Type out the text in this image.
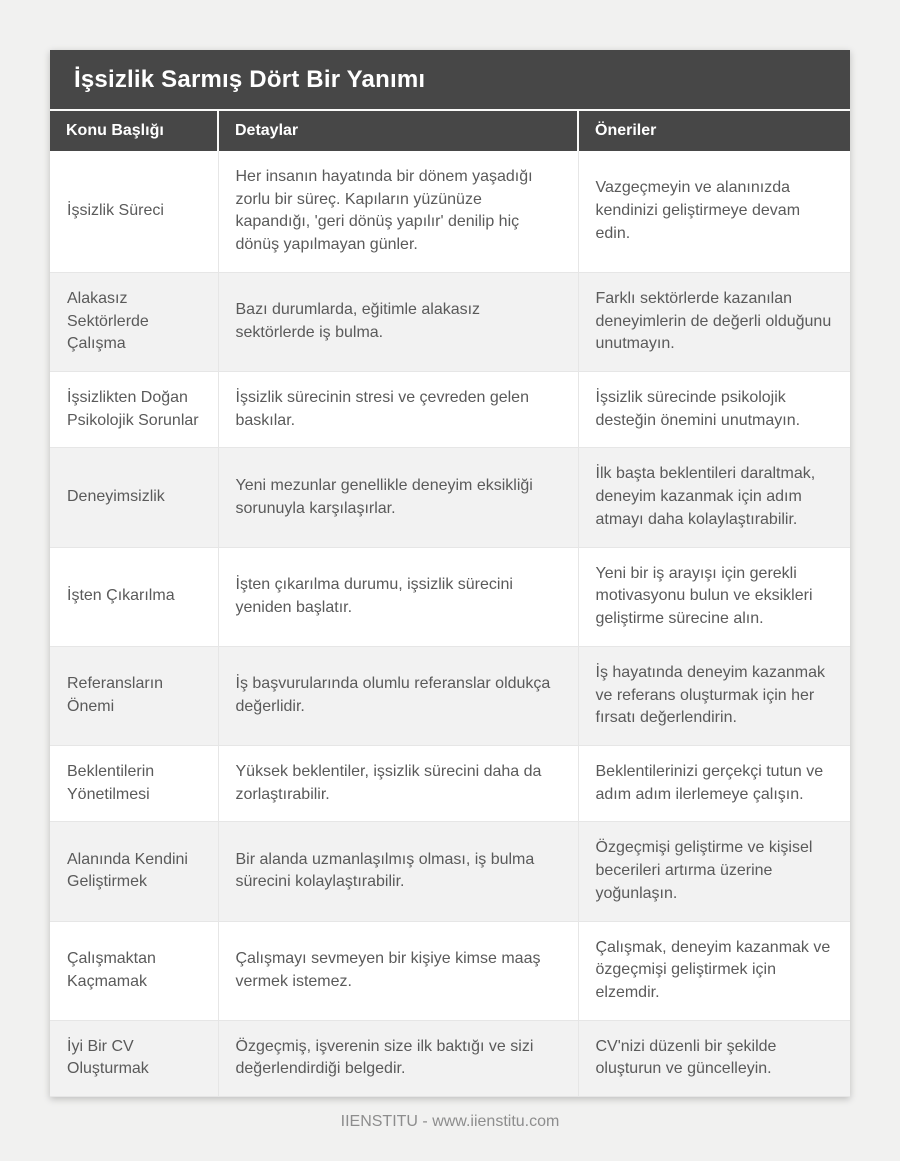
İşsizlik Sarmış Dört Bir Yanımı
Konu Başlığı	Detaylar	Öneriler
İşsizlik Süreci	Her insanın hayatında bir dönem yaşadığı zorlu bir süreç. Kapıların yüzünüze kapandığı, 'geri dönüş yapılır' denilip hiç dönüş yapılmayan günler.	Vazgeçmeyin ve alanınızda kendinizi geliştirmeye devam edin.
Alakasız Sektörlerde Çalışma	Bazı durumlarda, eğitimle alakasız sektörlerde iş bulma.	Farklı sektörlerde kazanılan deneyimlerin de değerli olduğunu unutmayın.
İşsizlikten Doğan Psikolojik Sorunlar	İşsizlik sürecinin stresi ve çevreden gelen baskılar.	İşsizlik sürecinde psikolojik desteğin önemini unutmayın.
Deneyimsizlik	Yeni mezunlar genellikle deneyim eksikliği sorunuyla karşılaşırlar.	İlk başta beklentileri daraltmak, deneyim kazanmak için adım atmayı daha kolaylaştırabilir.
İşten Çıkarılma	İşten çıkarılma durumu, işsizlik sürecini yeniden başlatır.	Yeni bir iş arayışı için gerekli motivasyonu bulun ve eksikleri geliştirme sürecine alın.
Referansların Önemi	İş başvurularında olumlu referanslar oldukça değerlidir.	İş hayatında deneyim kazanmak ve referans oluşturmak için her fırsatı değerlendirin.
Beklentilerin Yönetilmesi	Yüksek beklentiler, işsizlik sürecini daha da zorlaştırabilir.	Beklentilerinizi gerçekçi tutun ve adım adım ilerlemeye çalışın.
Alanında Kendini Geliştirmek	Bir alanda uzmanlaşılmış olması, iş bulma sürecini kolaylaştırabilir.	Özgeçmişi geliştirme ve kişisel becerileri artırma üzerine yoğunlaşın.
Çalışmaktan Kaçmamak	Çalışmayı sevmeyen bir kişiye kimse maaş vermek istemez.	Çalışmak, deneyim kazanmak ve özgeçmişi geliştirmek için elzemdir.
İyi Bir CV Oluşturmak	Özgeçmiş, işverenin size ilk baktığı ve sizi değerlendirdiği belgedir.	CV'nizi düzenli bir şekilde oluşturun ve güncelleyin.
IIENSTITU - www.iienstitu.com
